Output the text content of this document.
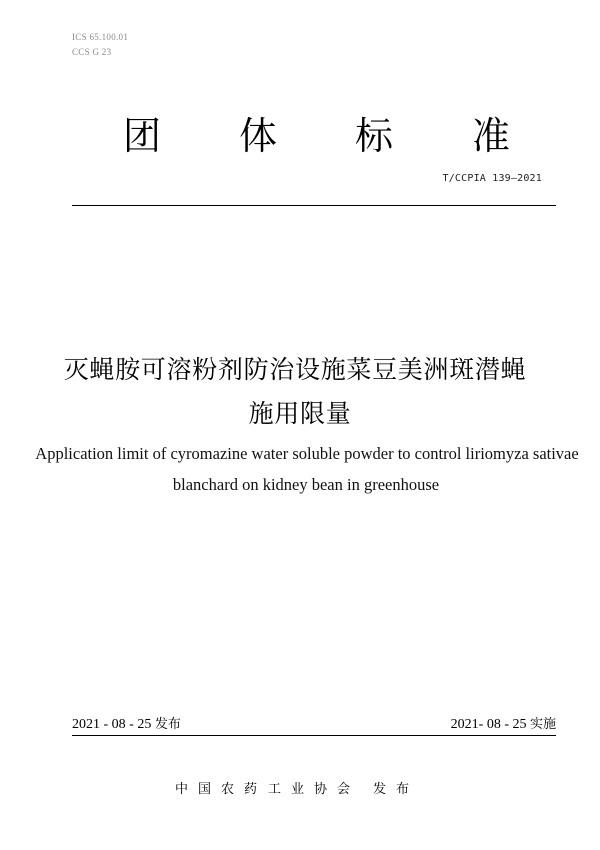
ICS 65.100.01
CCS G 23
团 体 标 准
T/CCPIA 139—2021
灭蝇胺可溶粉剂防治设施菜豆美洲斑潜蝇
施用限量
Application limit of cyromazine water soluble powder to control liriomyza sativae
blanchard on kidney bean in greenhouse
2021 - 08 - 25 发布	2021- 08 - 25 实施
中 国 农 药 工 业 协 会 发 布
